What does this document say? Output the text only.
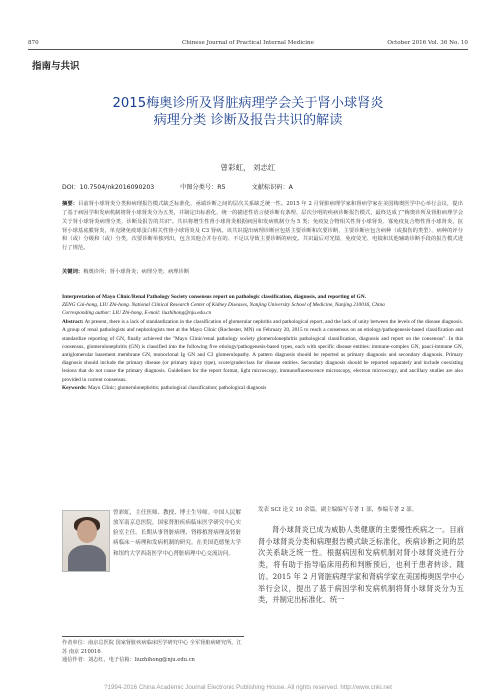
870	Chinese Journal of Practical Internal Medicine	October 2016 Vol. 36 No. 10
指南与共识
2015梅奥诊所及肾脏病理学会关于肾小球肾炎
病理分类 诊断及报告共识的解读
曾彩虹， 刘志红
DOI：10.7504/nk2016090203	中图分类号：R5	文献标识码：A
摘要：目前肾小球肾炎分类和病理报告模式缺乏标准化，亟端诊断之间的层次关系缺乏统一性。2015 年 2 月肾脏病理学家和肾病学家在美国梅奥医学中心举行会议，提出了基于病因学和发病机制将肾小球肾炎分为五类，并制定出标准化、统一的描述性语言使诊断有条理、层次分明的疾病诊断报告模式，最终达成了"梅奥诊所及肾脏病理学会关于肾小球肾炎病理分类、诊断及报告的共识"。共识将增生性肾小球肾炎根据病因和发病机制分为 5 类；免疫复合物相关性肾小球肾炎、寡免疫复合物性肾小球肾炎、抗肾小球基底膜肾炎、单克隆免疫球蛋白相关性肾小球肾炎及 C3 肾病。该共识提出病理诊断应包括主要诊断和次要诊断，主要诊断应包含病种（或损伤的类型）、病种的评分和（或）分级和（或）分类，次要诊断单独列出，包含其他合并存在的、不足以导致主要诊断的病变。共识最后对光镜、免疫荧光、电镜和其他辅助诊断手段的报告模式进行了规范。
关键词：梅奥诊所；肾小球肾炎；病理分类；病理诊断
Interpretation of Mayo Clinic/Renal Pathology Society consensus report on pathologic classification, diagnosis, and reporting of GN.
ZENG Cai-hong, LIU Zhi-hong. National Clinical Research Center of Kidney Diseases, Nanjing University School of Medicine, Nanjing 210016, China
Corresponding author: LIU Zhi-hong, E-mail: liuzhihong@nju.edu.cn
Abstract: At present, there is a lack of standardization in the classification of glomerular nephritis and pathological report, and the lack of unity between the levels of the disease diagnosis. A group of renal pathologists and nephrologists met at the Mayo Clinic (Rochester, MN) on February 20, 2015 to reach a consensus on an etiology/pathogenesis-based classification and standardize reporting of GN, finally achieved the "Mayo Clinic/renal pathology society glomerulonephritis pathological classification, diagnosis and report on the consensus". In this consensus, glomerulonephritis (GN) is classified into the following five etiology/pathogenesis-based types, each with specific disease entities: immune-complex GN, pauci-immune GN, antiglomerular basement membrane GN, monoclonal Ig GN and C3 glomerulopathy. A pattern diagnosis should be reported as primary diagnosis and secondary diagnosis. Primary diagnosis should include the primary disease (or primary injury type), score/grade/class for disease entities. Secondary diagnosis should be reported separately and include coexisting lesions that do not cause the primary diagnosis. Guidelines for the report format, light microscopy, immunofluorescence microscopy, electron microscopy, and ancillary studies are also provided in current consensus.
Keywords: Mayo Clinic; glomerulonephritis; pathological classification; pathological diagnosis
曾彩虹，主任医师、教授、博士生导师。中国人民解放军南京总医院，国家肾脏疾病临床医学研究中心实验室主任。长期从事肾脏病理、肾移植肾病理及肾脏病临床－病理和发病机制的研究。在美国范德堡大学和纽约大学西南医学中心肾脏病理中心交流访问。
作者单位：南京总医院 国家肾脏疾病临床医学研究中心 全军肾脏病研究所，江苏 南京 210016
通信作者：刘志红，电子信箱：liuzhihong@nju.edu.cn
发表 SCI 论文 10 余篇。副主编编写专著 1 部，参编专著 2 部。
肾小球肾炎已成为威胁人类健康的主要慢性疾病之一。目前肾小球肾炎分类和病理报告模式缺乏标准化，疾病诊断之间的层次关系缺乏统一性。根据病因和发病机制对肾小球肾炎进行分类，将有助于指导临床用药和判断预后，也利于患者转诊、随访。2015 年 2 月肾脏病理学家和肾病学家在美国梅奥医学中心举行会议，提出了基于病因学和发病机制将肾小球肾炎分为五类，并制定出标准化、统一
?1994-2016 China Academic Journal Electronic Publishing House. All rights reserved. http://www.cnki.net
